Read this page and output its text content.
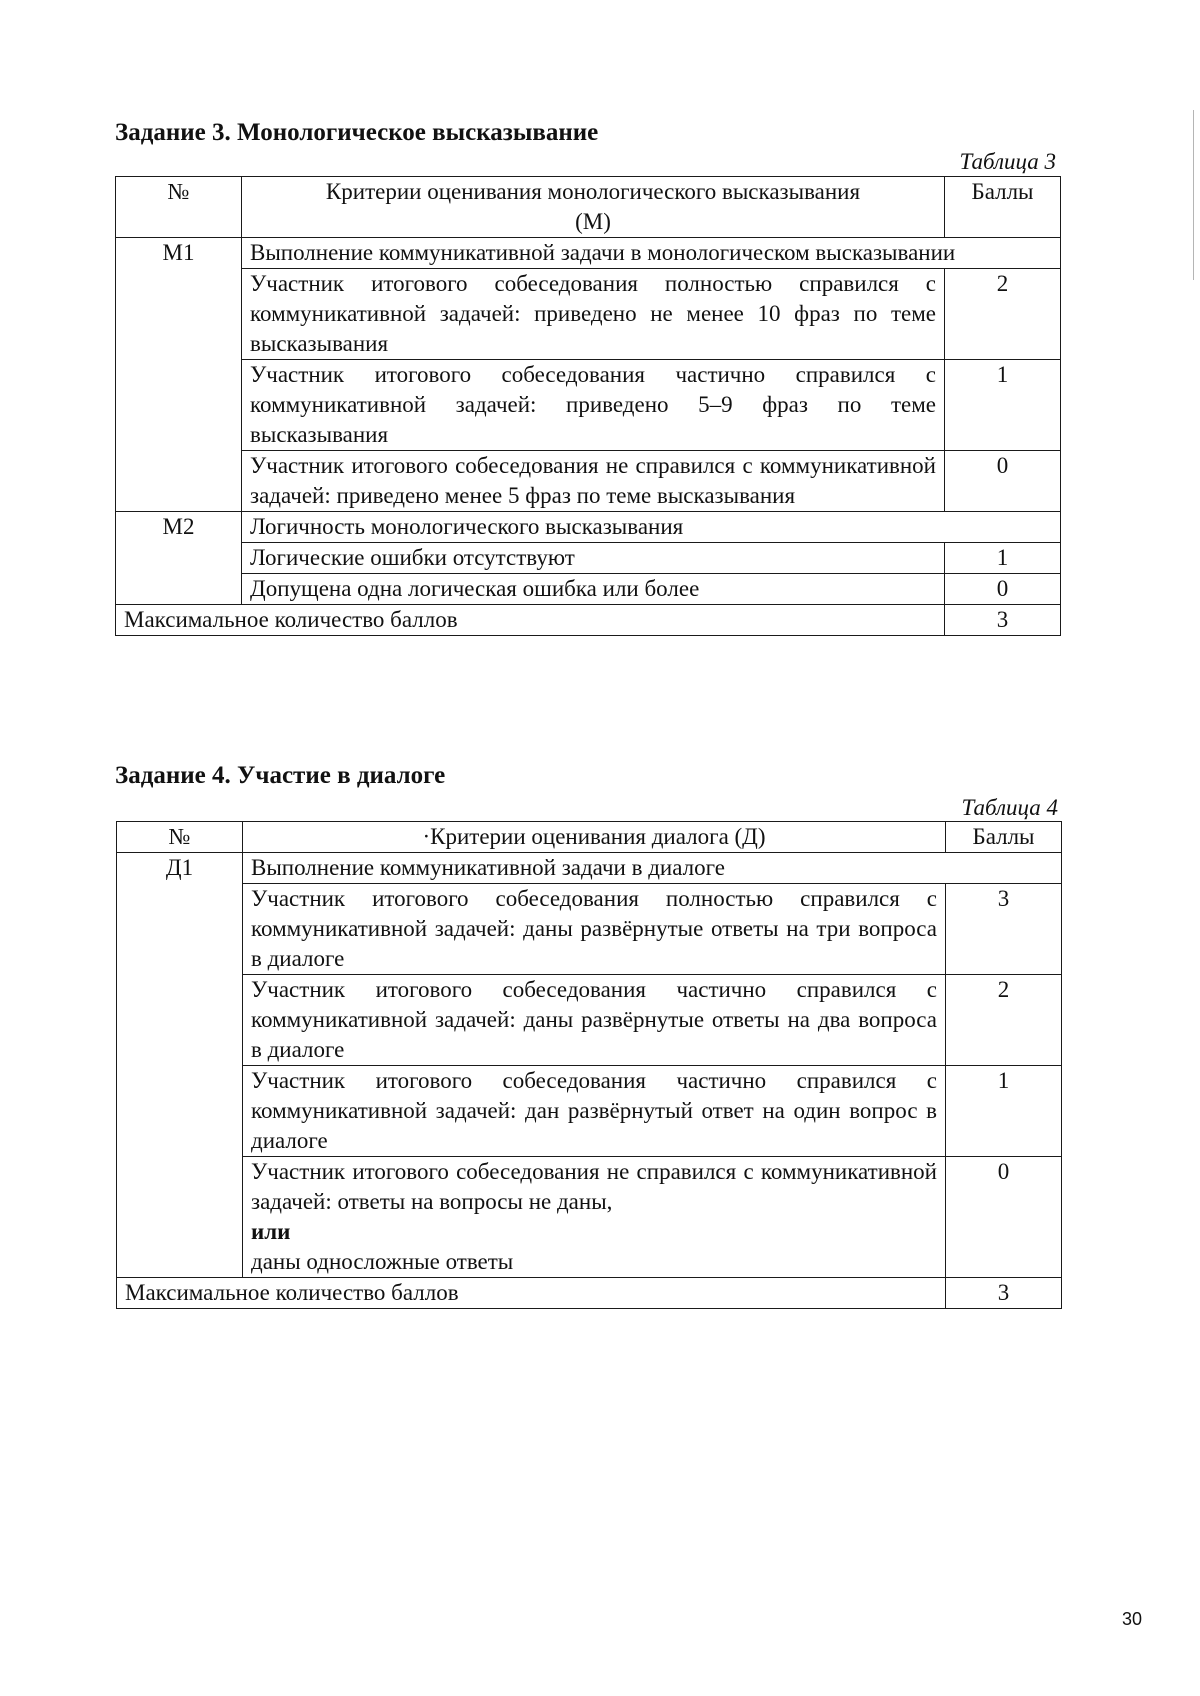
Задание 3. Монологическое высказывание
Таблица 3
№	Критерии оценивания монологического высказывания (М)	Баллы
М1	Выполнение коммуникативной задачи в монологическом высказывании	
	Участник итогового собеседования полностью справился с коммуникативной задачей: приведено не менее 10 фраз по теме высказывания	2
	Участник итогового собеседования частично справился с коммуникативной задачей: приведено 5–9 фраз по теме высказывания	1
	Участник итогового собеседования не справился с коммуникативной задачей: приведено менее 5 фраз по теме высказывания	0
М2	Логичность монологического высказывания	
	Логические ошибки отсутствуют	1
	Допущена одна логическая ошибка или более	0
Максимальное количество баллов		3
Задание 4. Участие в диалоге
Таблица 4
№	·Критерии оценивания диалога (Д)	Баллы
Д1	Выполнение коммуникативной задачи в диалоге	
	Участник итогового собеседования полностью справился с коммуникативной задачей: даны развёрнутые ответы на три вопроса в диалоге	3
	Участник итогового собеседования частично справился с коммуникативной задачей: даны развёрнутые ответы на два вопроса в диалоге	2
	Участник итогового собеседования частично справился с коммуникативной задачей: дан развёрнутый ответ на один вопрос в диалоге	1

	Участник итогового собеседования не справился с коммуникативной задачей: ответы на вопросы не даны,
или
даны односложные ответы	0
Максимальное количество баллов		3
30
